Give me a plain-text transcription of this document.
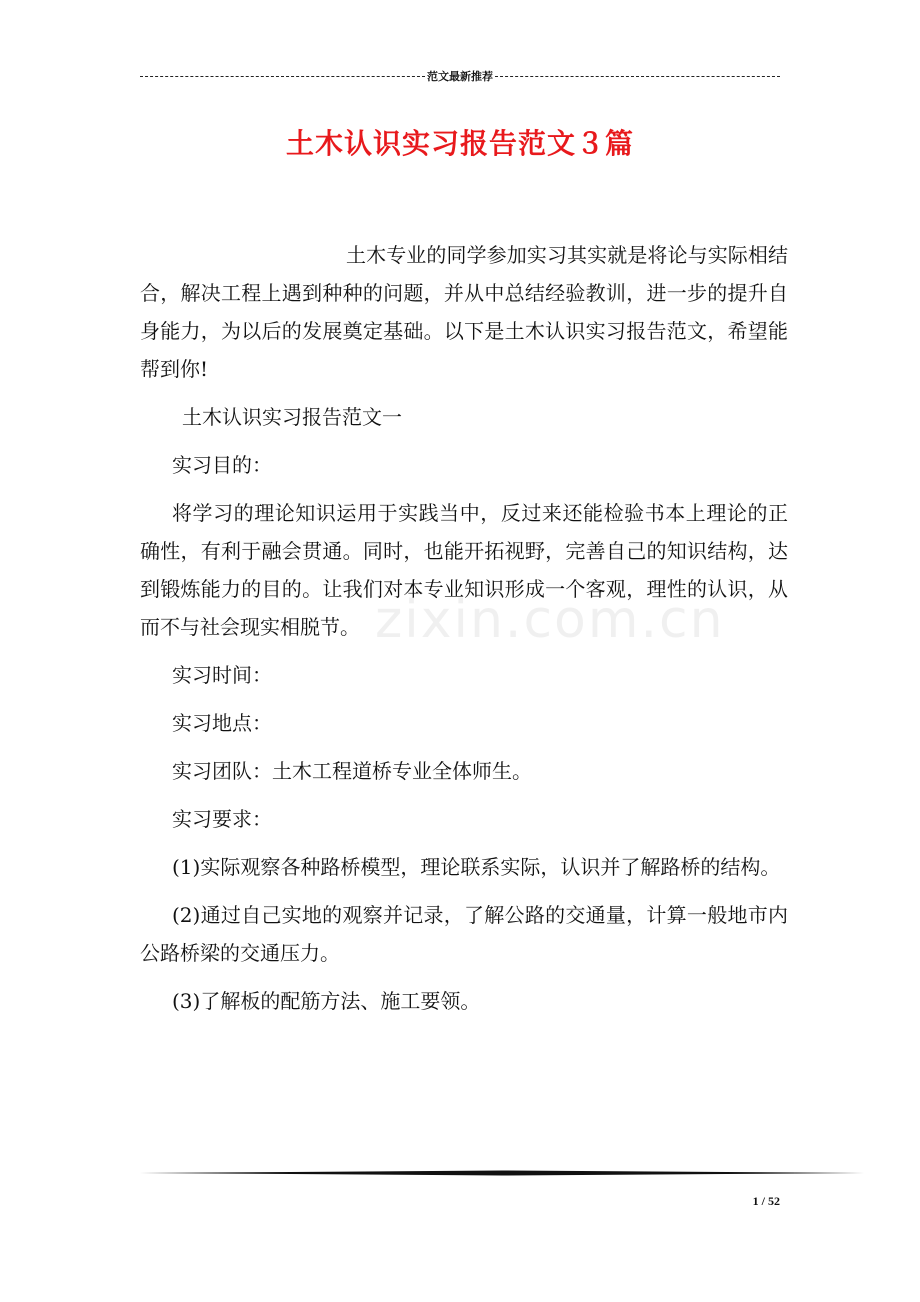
范文最新推荐
土木认识实习报告范文３篇
zixin.com.cn

土木专业的同学参加实习其实就是将论与实际相结合，解决工程上遇到种种的问题，并从中总结经验教训，进一步的提升自身能力，为以后的发展奠定基础。以下是土木认识实习报告范文，希望能帮到你!

土木认识实习报告范文一

实习目的：

将学习的理论知识运用于实践当中，反过来还能检验书本上理论的正确性，有利于融会贯通。同时，也能开拓视野，完善自己的知识结构，达到锻炼能力的目的。让我们对本专业知识形成一个客观，理性的认识，从而不与社会现实相脱节。

实习时间：

实习地点：

实习团队：土木工程道桥专业全体师生。

实习要求：

(1)实际观察各种路桥模型，理论联系实际，认识并了解路桥的结构。

(2)通过自己实地的观察并记录，了解公路的交通量，计算一般地市内公路桥梁的交通压力。

(3)了解板的配筋方法、施工要领。

1 / 52
